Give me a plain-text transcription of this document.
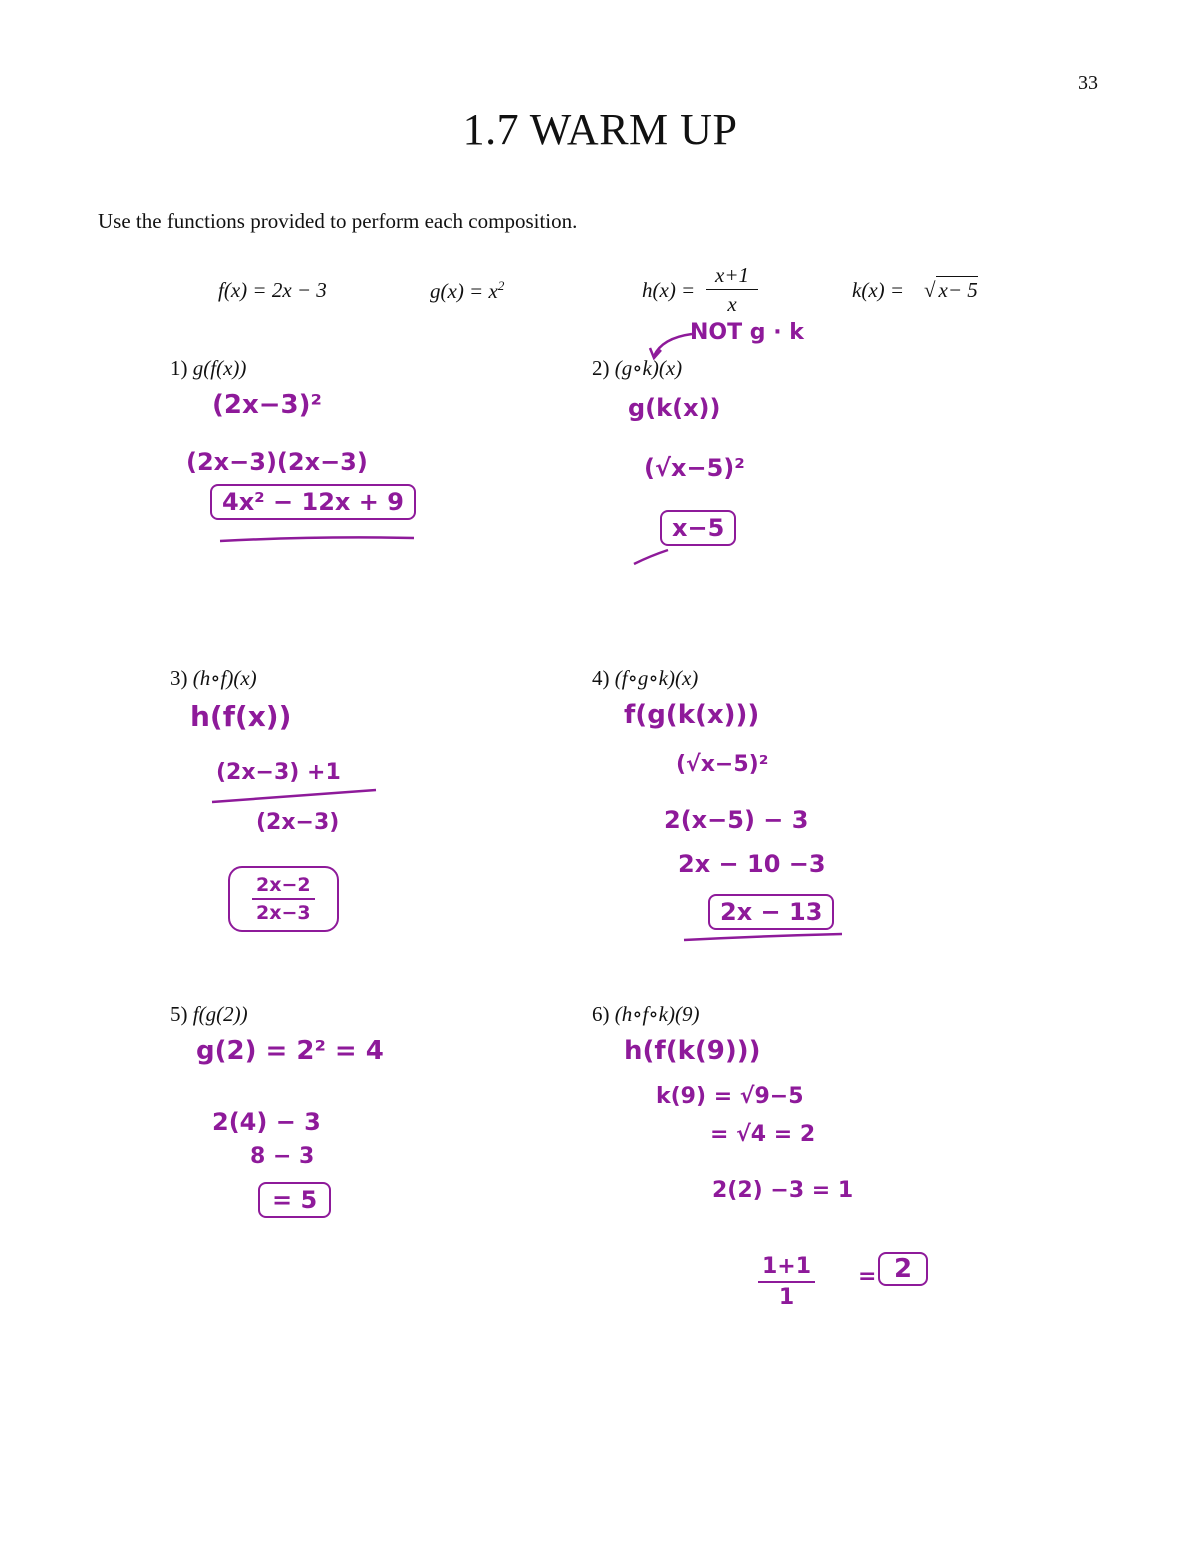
33
1.7 WARM UP
Use the functions provided to perform each composition.
f(x) = 2x − 3	$g(x) = x^2$	$h(x) = \frac{x+1}{x}$	k(x) = √ x− 5
1) g(f(x))	2) (g∘k)(x)
3) (h∘f)(x)	4) (f∘g∘k)(x)
5) f(g(2))	6) (h∘f∘k)(9)
(2x−3)²
(2x−3)(2x−3)
4x² − 12x + 9
NOT g · k
g(k(x))
(√x−5)²
x−5
h(f(x))
(2x−3) +1
(2x−3)
$\frac{2x-2}{2x-3}$
f(g(k(x)))
(√x−5)²
2(x−5) − 3
2x − 10 −3
2x − 13
g(2) = 2² = 4
2(4) − 3
8 − 3
= 5
h(f(k(9)))
k(9) = √9−5
= √4 = 2
2(2) −3 = 1
$\frac{1+1}{1} = 2$
